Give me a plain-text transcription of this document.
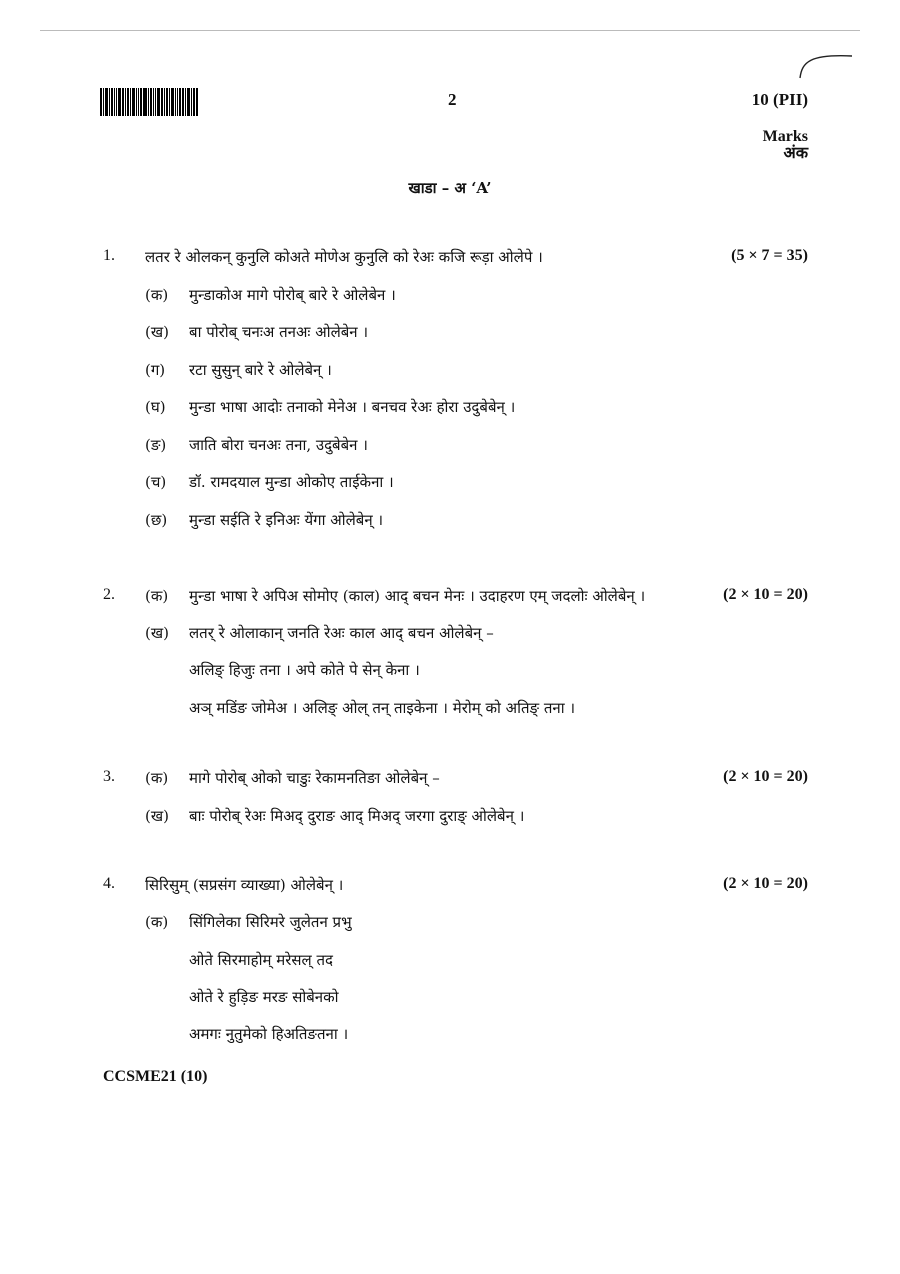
2	10 (PII)
Marks
अंक
खाडा – अ ‘A’
1. लतर रे ओलकन् कुनुलि कोअते मोणेअ कुनुलि को रेअः कजि रूड़ा ओलेपे ।	(5 × 7 = 35)
(क) मुन्डाकोअ मागे पोरोब् बारे रे ओलेबेन ।
(ख) बा पोरोब् चनःअ तनअः ओलेबेन ।
(ग) रटा सुसुन् बारे रे ओलेबेन् ।
(घ) मुन्डा भाषा आदोः तनाको मेनेअ । बनचव रेअः होरा उदुबेबेन् ।
(ङ) जाति बोरा चनअः तना, उदुबेबेन ।
(च) डॉ. रामदयाल मुन्डा ओकोए ताईकेना ।
(छ) मुन्डा सईति रे इनिअः येंगा ओलेबेन् ।
2. (क) मुन्डा भाषा रे अपिअ सोमोए (काल) आद् बचन मेनः । उदाहरण एम् जदलोः ओलेबेन् ।	(2 × 10 = 20)
(ख) लतर् रे ओलाकान् जनति रेअः काल आद् बचन ओलेबेन् –
अलिङ् हिजुः तना । अपे कोते पे सेन् केना ।
अञ् मडिंङ जोमेअ । अलिङ् ओल् तन् ताइकेना । मेरोम् को अतिङ् तना ।
3. (क) मागे पोरोब् ओको चाडुः रेकामनतिङा ओलेबेन् –	(2 × 10 = 20)
(ख) बाः पोरोब् रेअः मिअद् दुराङ आद् मिअद् जरगा दुराङ् ओलेबेन् ।
4. सिरिसुम् (सप्रसंग व्याख्या) ओलेबेन् ।	(2 × 10 = 20)
(क) सिंगिलेका सिरिमरे जुलेतन प्रभु
ओते सिरमाहोम् मरेसल् तद
ओते रे हुड़िङ मरङ सोबेनको
अमगः नुतुमेको हिअतिङतना ।
CCSME21 (10)
